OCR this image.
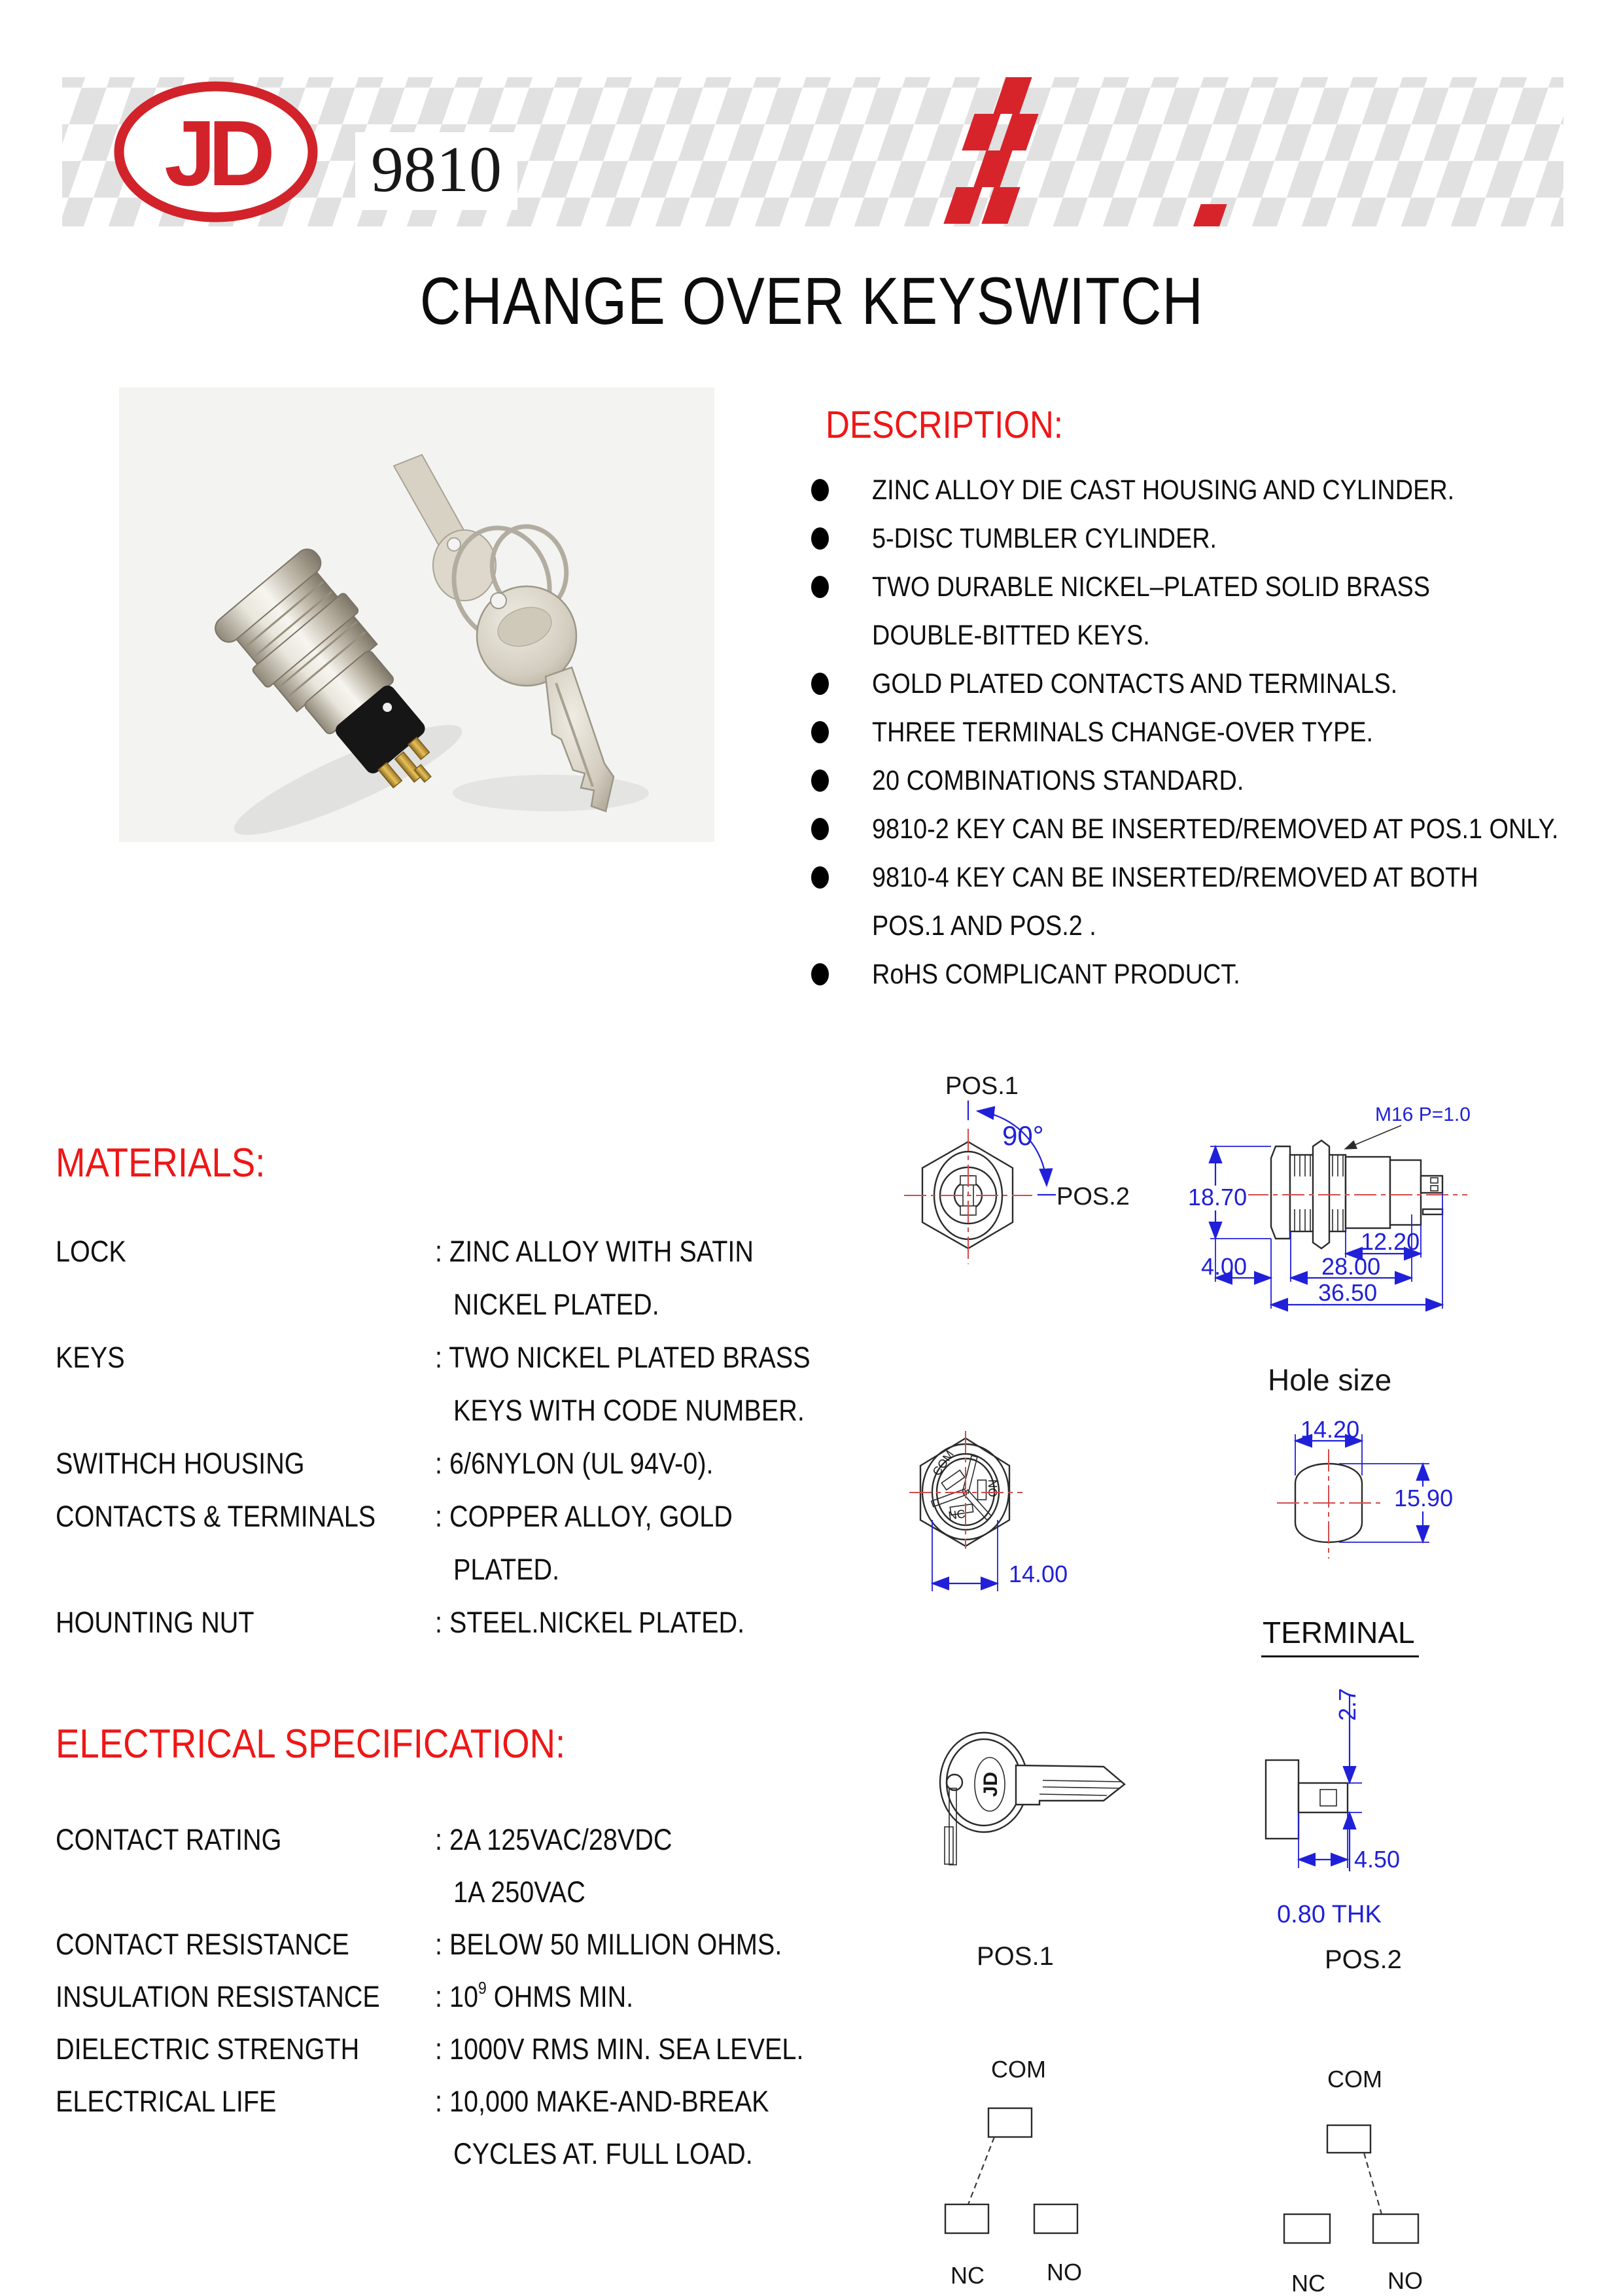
JD 9810
CHANGE OVER KEYSWITCH
DESCRIPTION:
ZINC ALLOY DIE CAST HOUSING AND CYLINDER.
5-DISC TUMBLER CYLINDER.
TWO DURABLE NICKEL–PLATED SOLID BRASS
DOUBLE-BITTED KEYS.
GOLD PLATED CONTACTS AND TERMINALS.
THREE TERMINALS CHANGE-OVER TYPE.
20 COMBINATIONS STANDARD.
9810-2 KEY CAN BE INSERTED/REMOVED AT POS.1 ONLY.
9810-4 KEY CAN BE INSERTED/REMOVED AT BOTH
POS.1 AND POS.2 .
RoHS COMPLICANT PRODUCT.
MATERIALS:
LOCK	: ZINC ALLOY WITH SATIN
NICKEL PLATED.
KEYS	: TWO NICKEL PLATED BRASS
KEYS WITH CODE NUMBER.
SWITHCH HOUSING	: 6/6NYLON (UL 94V-0).
CONTACTS & TERMINALS	: COPPER ALLOY, GOLD
PLATED.
HOUNTING NUT	: STEEL.NICKEL PLATED.
ELECTRICAL SPECIFICATION:
CONTACT RATING	: 2A 125VAC/28VDC
1A 250VAC
CONTACT RESISTANCE	: BELOW 50 MILLION OHMS.
INSULATION RESISTANCE	: $10^9$ OHMS MIN.
DIELECTRIC STRENGTH	: 1000V RMS MIN. SEA LEVEL.
ELECTRICAL LIFE	: 10,000 MAKE-AND-BREAK
CYCLES AT. FULL LOAD.
POS.1
90°
POS.2
M16 P=1.0
18.70
12.20
4.00	28.00
36.50
COM
NO
NC
14.00
Hole size
14.20
15.90
TERMINAL
JD
2.7
4.50
0.80 THK
POS.1
COM
NC	NO
POS.2
COM
NC	NO
